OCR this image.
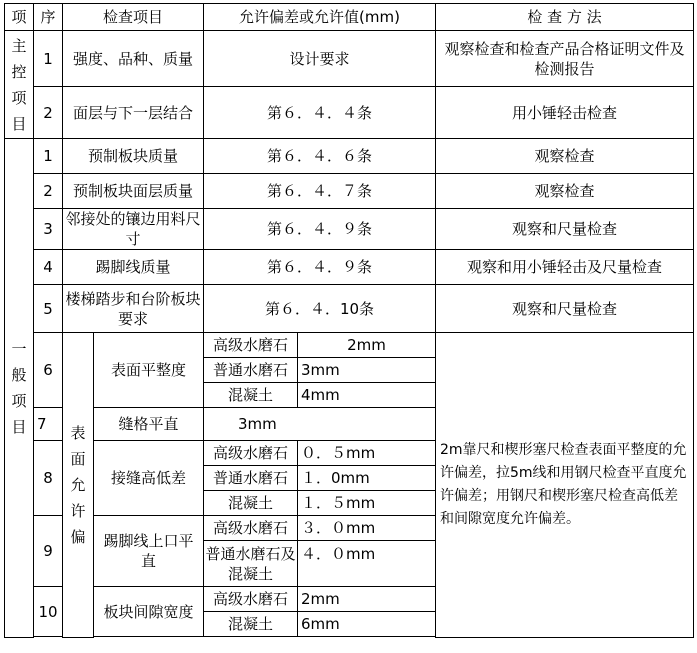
项	序	检查项目		允许偏差或允许值(mm)		检 查 方 法
主控项目	1	强度、品种、质量		设计要求		观察检查和检查产品合格证明文件及检测报告
	2	面层与下一层结合		第６．４．４条		用小锤轻击检查
一般项目	1	预制板块质量		第６．４．６条		观察检查
	2	预制板块面层质量		第６．４．７条		观察检查
	3	邻接处的镶边用料尺寸		第６．４．９条		观察和尺量检查
	4	踢脚线质量		第６．４．９条		观察和用小锤轻击及尺量检查
	5	楼梯踏步和台阶板块要求		第６．４．10条		观察和尺量检查
	6	表面允许偏	表面平整度	高级水磨石	2mm	2m靠尺和楔形塞尺检查表面平整度的允许偏差，拉5m线和用钢尺检查平直度允许偏差；用钢尺和楔形塞尺检查高低差和间隙宽度允许偏差。
				普通水磨石	3mm	
				混凝土	4mm	
	7		缝格平直	3mm		
	8		接缝高低差	高级水磨石	０．５mm	
				普通水磨石	１．0mm	
				混凝土	１．５mm	
	9		踢脚线上口平直	高级水磨石	３．０mm	
				普通水磨石及混凝土	４．０mm	
	10		板块间隙宽度	高级水磨石	2mm	
				混凝土	6mm	
